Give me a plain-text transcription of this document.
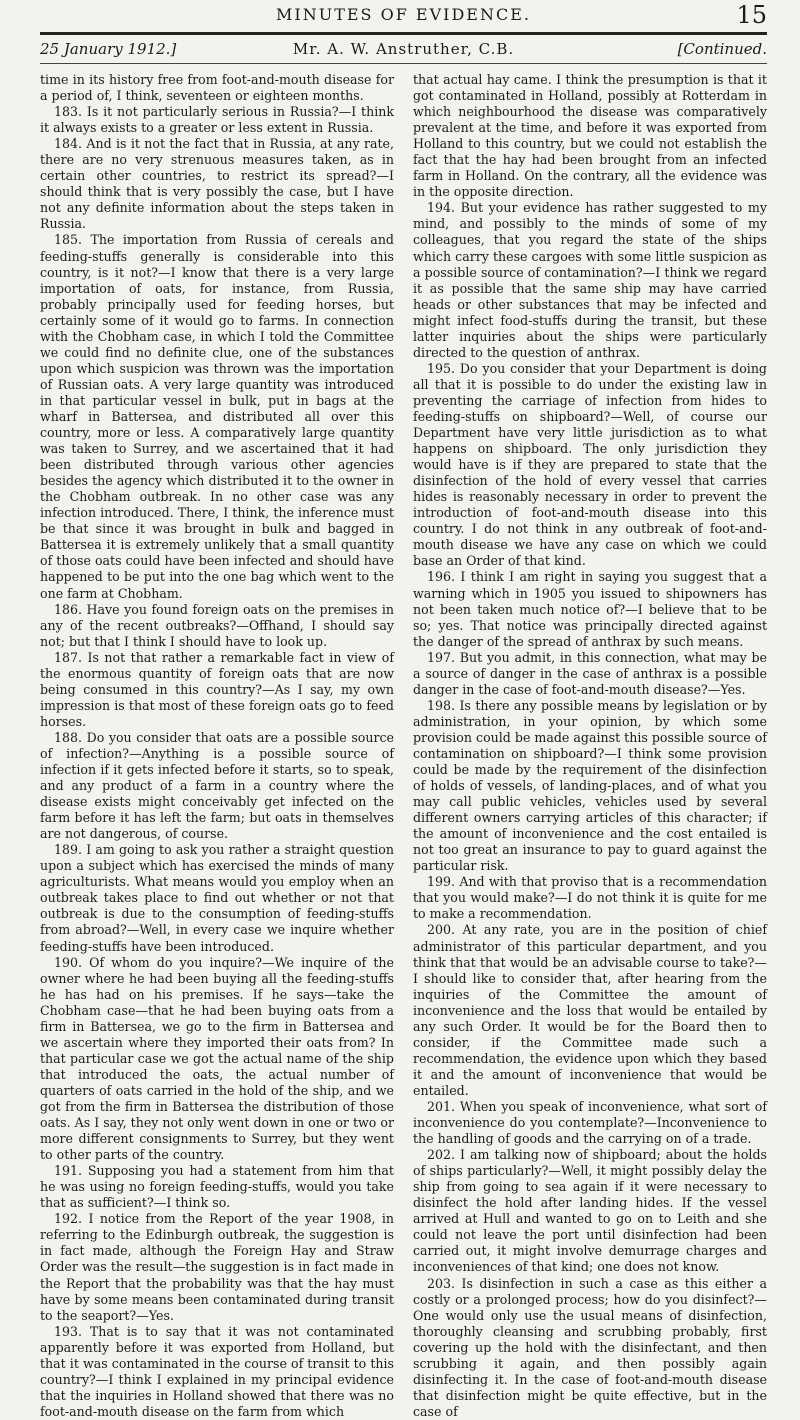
MINUTES OF EVIDENCE.	15
25 January 1912.]	Mr. A. W. Anstruther, C.B.	[Continued.

time in its history free from foot-and-mouth disease for a period of, I think, seventeen or eighteen months.

183. Is it not particularly serious in Russia?—I think it always exists to a greater or less extent in Russia.

184. And is it not the fact that in Russia, at any rate, there are no very strenuous measures taken, as in certain other countries, to restrict its spread?—I should think that is very possibly the case, but I have not any definite information about the steps taken in Russia.

185. The importation from Russia of cereals and feeding-stuffs generally is considerable into this country, is it not?—I know that there is a very large importation of oats, for instance, from Russia, probably principally used for feeding horses, but certainly some of it would go to farms. In connection with the Chobham case, in which I told the Committee we could find no definite clue, one of the substances upon which suspicion was thrown was the importation of Russian oats. A very large quantity was introduced in that particular vessel in bulk, put in bags at the wharf in Battersea, and distributed all over this country, more or less. A comparatively large quantity was taken to Surrey, and we ascertained that it had been distributed through various other agencies besides the agency which distributed it to the owner in the Chobham outbreak. In no other case was any infection introduced. There, I think, the inference must be that since it was brought in bulk and bagged in Battersea it is extremely unlikely that a small quantity of those oats could have been infected and should have happened to be put into the one bag which went to the one farm at Chobham.

186. Have you found foreign oats on the premises in any of the recent outbreaks?—Offhand, I should say not; but that I think I should have to look up.

187. Is not that rather a remarkable fact in view of the enormous quantity of foreign oats that are now being consumed in this country?—As I say, my own impression is that most of these foreign oats go to feed horses.

188. Do you consider that oats are a possible source of infection?—Anything is a possible source of infection if it gets infected before it starts, so to speak, and any product of a farm in a country where the disease exists might conceivably get infected on the farm before it has left the farm; but oats in themselves are not dangerous, of course.

189. I am going to ask you rather a straight question upon a subject which has exercised the minds of many agriculturists. What means would you employ when an outbreak takes place to find out whether or not that outbreak is due to the consumption of feeding-stuffs from abroad?—Well, in every case we inquire whether feeding-stuffs have been introduced.

190. Of whom do you inquire?—We inquire of the owner where he had been buying all the feeding-stuffs he has had on his premises. If he says—take the Chobham case—that he had been buying oats from a firm in Battersea, we go to the firm in Battersea and we ascertain where they imported their oats from? In that particular case we got the actual name of the ship that introduced the oats, the actual number of quarters of oats carried in the hold of the ship, and we got from the firm in Battersea the distribution of those oats. As I say, they not only went down in one or two or more different consignments to Surrey, but they went to other parts of the country.

191. Supposing you had a statement from him that he was using no foreign feeding-stuffs, would you take that as sufficient?—I think so.

192. I notice from the Report of the year 1908, in referring to the Edinburgh outbreak, the suggestion is in fact made, although the Foreign Hay and Straw Order was the result—the suggestion is in fact made in the Report that the probability was that the hay must have by some means been contaminated during transit to the seaport?—Yes.

193. That is to say that it was not contaminated apparently before it was exported from Holland, but that it was contaminated in the course of transit to this country?—I think I explained in my principal evidence that the inquiries in Holland showed that there was no foot-and-mouth disease on the farm from which

that actual hay came. I think the presumption is that it got contaminated in Holland, possibly at Rotterdam in which neighbourhood the disease was comparatively prevalent at the time, and before it was exported from Holland to this country, but we could not establish the fact that the hay had been brought from an infected farm in Holland. On the contrary, all the evidence was in the opposite direction.

194. But your evidence has rather suggested to my mind, and possibly to the minds of some of my colleagues, that you regard the state of the ships which carry these cargoes with some little suspicion as a possible source of contamination?—I think we regard it as possible that the same ship may have carried heads or other substances that may be infected and might infect food-stuffs during the transit, but these latter inquiries about the ships were particularly directed to the question of anthrax.

195. Do you consider that your Department is doing all that it is possible to do under the existing law in preventing the carriage of infection from hides to feeding-stuffs on shipboard?—Well, of course our Department have very little jurisdiction as to what happens on shipboard. The only jurisdiction they would have is if they are prepared to state that the disinfection of the hold of every vessel that carries hides is reasonably necessary in order to prevent the introduction of foot-and-mouth disease into this country. I do not think in any outbreak of foot-and-mouth disease we have any case on which we could base an Order of that kind.

196. I think I am right in saying you suggest that a warning which in 1905 you issued to shipowners has not been taken much notice of?—I believe that to be so; yes. That notice was principally directed against the danger of the spread of anthrax by such means.

197. But you admit, in this connection, what may be a source of danger in the case of anthrax is a possible danger in the case of foot-and-mouth disease?—Yes.

198. Is there any possible means by legislation or by administration, in your opinion, by which some provision could be made against this possible source of contamination on shipboard?—I think some provision could be made by the requirement of the disinfection of holds of vessels, of landing-places, and of what you may call public vehicles, vehicles used by several different owners carrying articles of this character; if the amount of inconvenience and the cost entailed is not too great an insurance to pay to guard against the particular risk.

199. And with that proviso that is a recommendation that you would make?—I do not think it is quite for me to make a recommendation.

200. At any rate, you are in the position of chief administrator of this particular department, and you think that that would be an advisable course to take?—I should like to consider that, after hearing from the inquiries of the Committee the amount of inconvenience and the loss that would be entailed by any such Order. It would be for the Board then to consider, if the Committee made such a recommendation, the evidence upon which they based it and the amount of inconvenience that would be entailed.

201. When you speak of inconvenience, what sort of inconvenience do you contemplate?—Inconvenience to the handling of goods and the carrying on of a trade.

202. I am talking now of shipboard; about the holds of ships particularly?—Well, it might possibly delay the ship from going to sea again if it were necessary to disinfect the hold after landing hides. If the vessel arrived at Hull and wanted to go on to Leith and she could not leave the port until disinfection had been carried out, it might involve demurrage charges and inconveniences of that kind; one does not know.

203. Is disinfection in such a case as this either a costly or a prolonged process; how do you disinfect?—One would only use the usual means of disinfection, thoroughly cleansing and scrubbing probably, first covering up the hold with the disinfectant, and then scrubbing it again, and then possibly again disinfecting it. In the case of foot-and-mouth disease that disinfection might be quite effective, but in the case of
